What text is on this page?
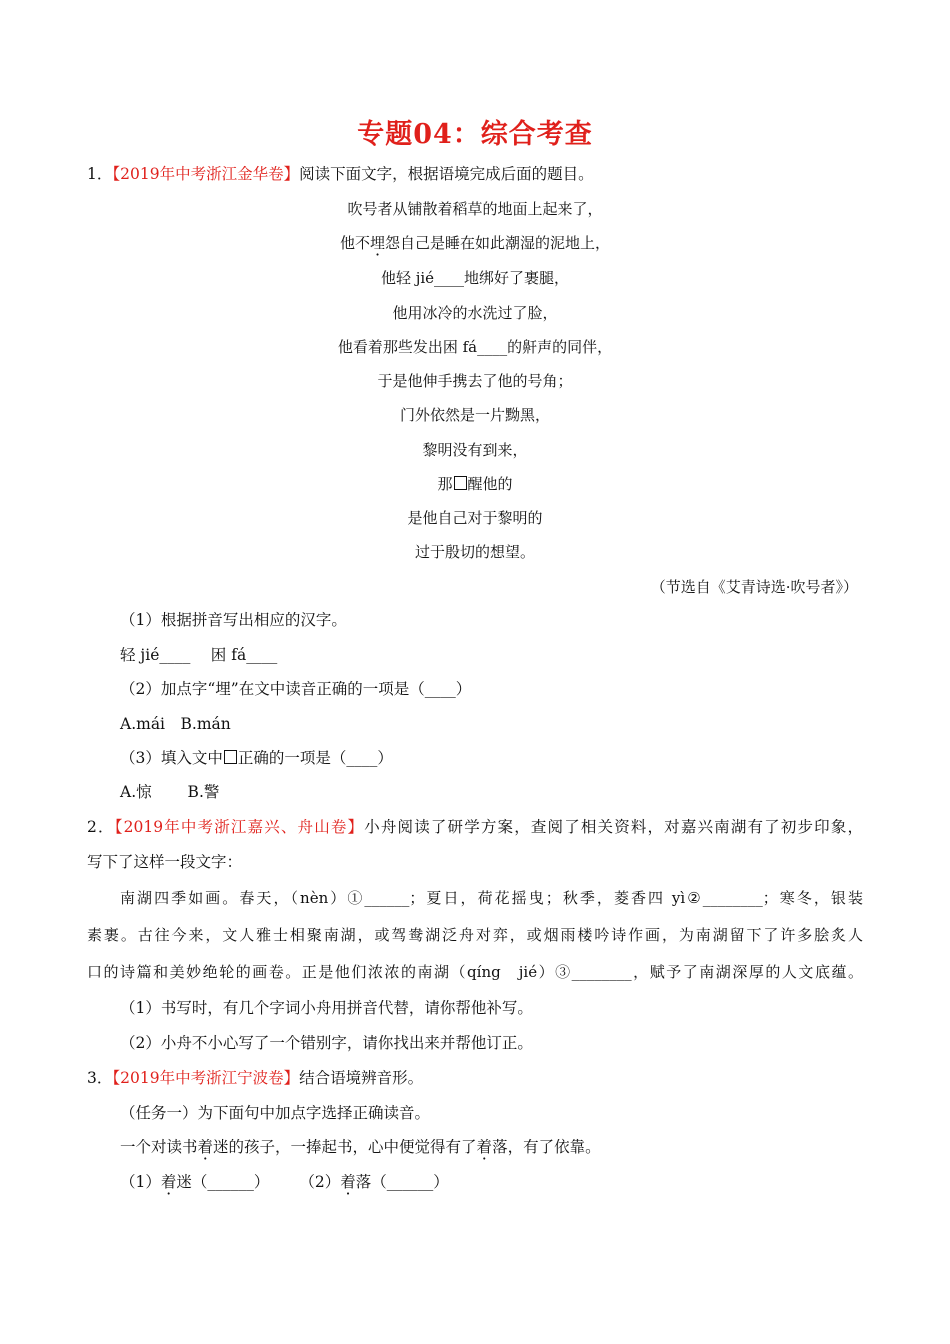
专题04：综合考查
1．【2019年中考浙江金华卷】阅读下面文字，根据语境完成后面的题目。
吹号者从铺散着稻草的地面上起来了，
他不埋怨自己是睡在如此潮湿的泥地上，
他轻 jié____地绑好了裹腿，
他用冰冷的水洗过了脸，
他看着那些发出困 fá____的鼾声的同伴，
于是他伸手携去了他的号角；
门外依然是一片黝黑，
黎明没有到来，
那 醒他的
是他自己对于黎明的
过于殷切的想望。
（节选自《艾青诗选·吹号者》）
（1）根据拼音写出相应的汉字。
轻 jié____　 困 fá____
（2）加点字“埋”在文中读音正确的一项是（____）
A.mái　B.mán
（3）填入文中 正确的一项是（____）
A.惊　　 B.警
2．【2019年中考浙江嘉兴、舟山卷】小舟阅读了研学方案，查阅了相关资料，对嘉兴南湖有了初步印象，
写下了这样一段文字：
南湖四季如画。春天，（nèn）①______；夏日，荷花摇曳；秋季，菱香四 yì②________；寒冬，银装
素裹。古往今来，文人雅士相聚南湖，或驾鸯湖泛舟对弈，或烟雨楼吟诗作画，为南湖留下了许多脍炙人
口的诗篇和美妙绝轮的画卷。正是他们浓浓的南湖（qíng　jié）③________，赋予了南湖深厚的人文底蕴。
（1）书写时，有几个字词小舟用拼音代替，请你帮他补写。
（2）小舟不小心写了一个错别字，请你找出来并帮他订正。
3．【2019年中考浙江宁波卷】结合语境辨音形。
（任务一）为下面句中加点字选择正确读音。
一个对读书着迷的孩子，一捧起书，心中便觉得有了着落，有了依靠。
（1）着迷（______） （2）着落（______）
